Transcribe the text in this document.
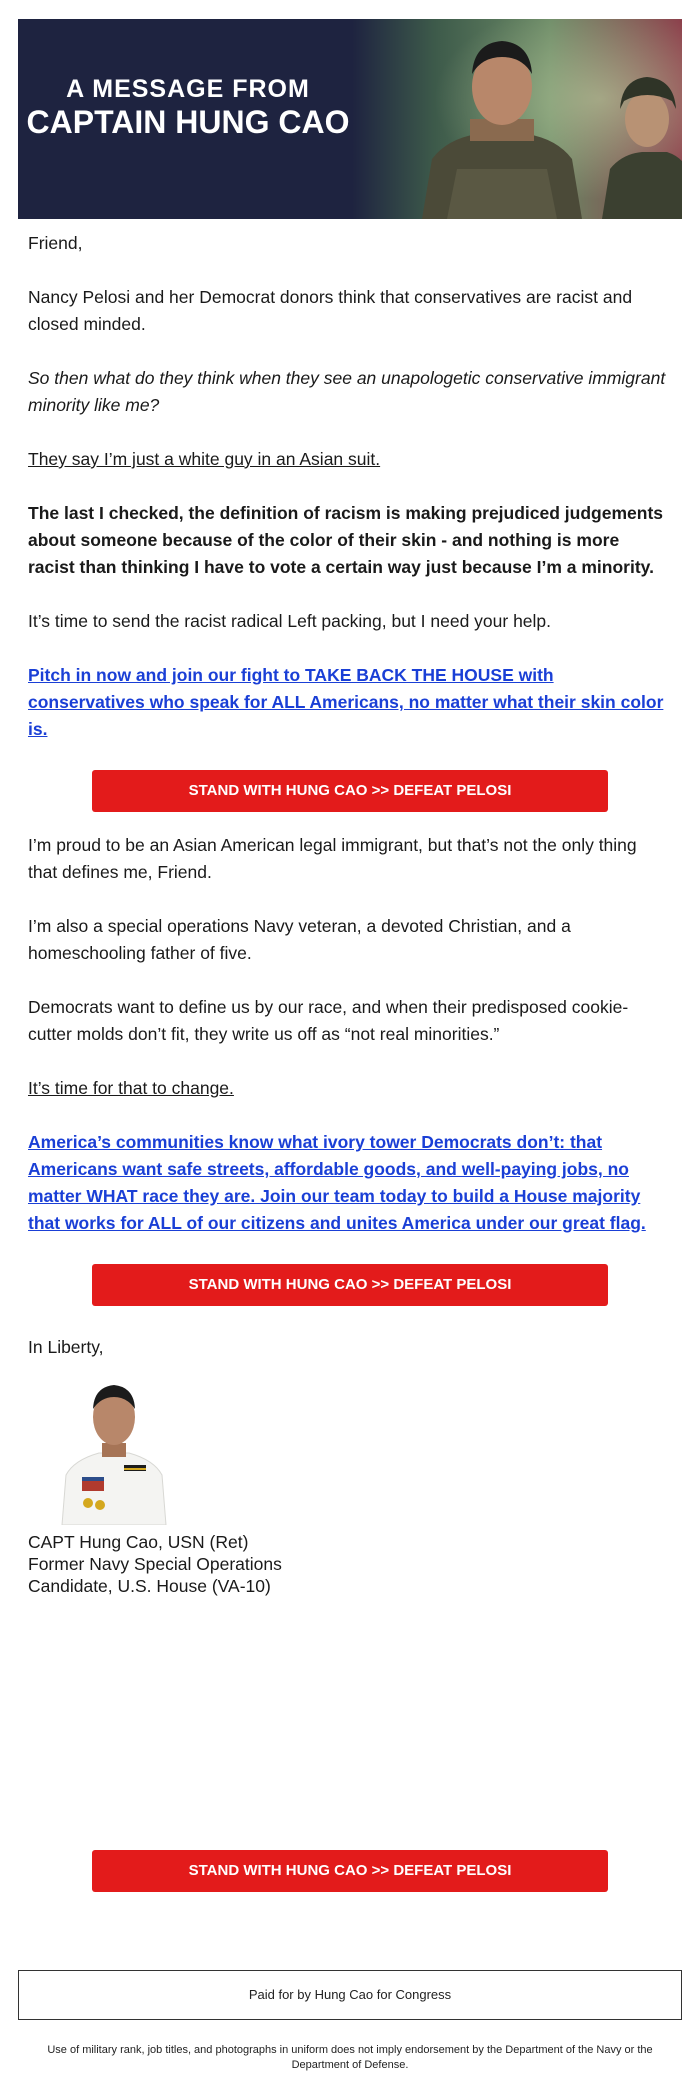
A MESSAGE FROM
CAPTAIN HUNG CAO

Friend,

Nancy Pelosi and her Democrat donors think that conservatives are racist and closed minded.

So then what do they think when they see an unapologetic conservative immigrant minority like me?

They say I’m just a white guy in an Asian suit.

The last I checked, the definition of racism is making prejudiced judgements about someone because of the color of their skin - and nothing is more racist than thinking I have to vote a certain way just because I’m a minority.

It’s time to send the racist radical Left packing, but I need your help.

Pitch in now and join our fight to TAKE BACK THE HOUSE with conservatives who speak for ALL Americans, no matter what their skin color is.

STAND WITH HUNG CAO >> DEFEAT PELOSI

I’m proud to be an Asian American legal immigrant, but that’s not the only thing that defines me, Friend.

I’m also a special operations Navy veteran, a devoted Christian, and a homeschooling father of five.

Democrats want to define us by our race, and when their predisposed cookie-cutter molds don’t fit, they write us off as “not real minorities.”

It’s time for that to change.

America’s communities know what ivory tower Democrats don’t: that Americans want safe streets, affordable goods, and well-paying jobs, no matter WHAT race they are. Join our team today to build a House majority that works for ALL of our citizens and unites America under our great flag.

STAND WITH HUNG CAO >> DEFEAT PELOSI

In Liberty,

CAPT Hung Cao, USN (Ret)
Former Navy Special Operations
Candidate, U.S. House (VA-10)
STAND WITH HUNG CAO >> DEFEAT PELOSI
Paid for by Hung Cao for Congress
Use of military rank, job titles, and photographs in uniform does not imply endorsement by the Department of the Navy or the Department of Defense.
